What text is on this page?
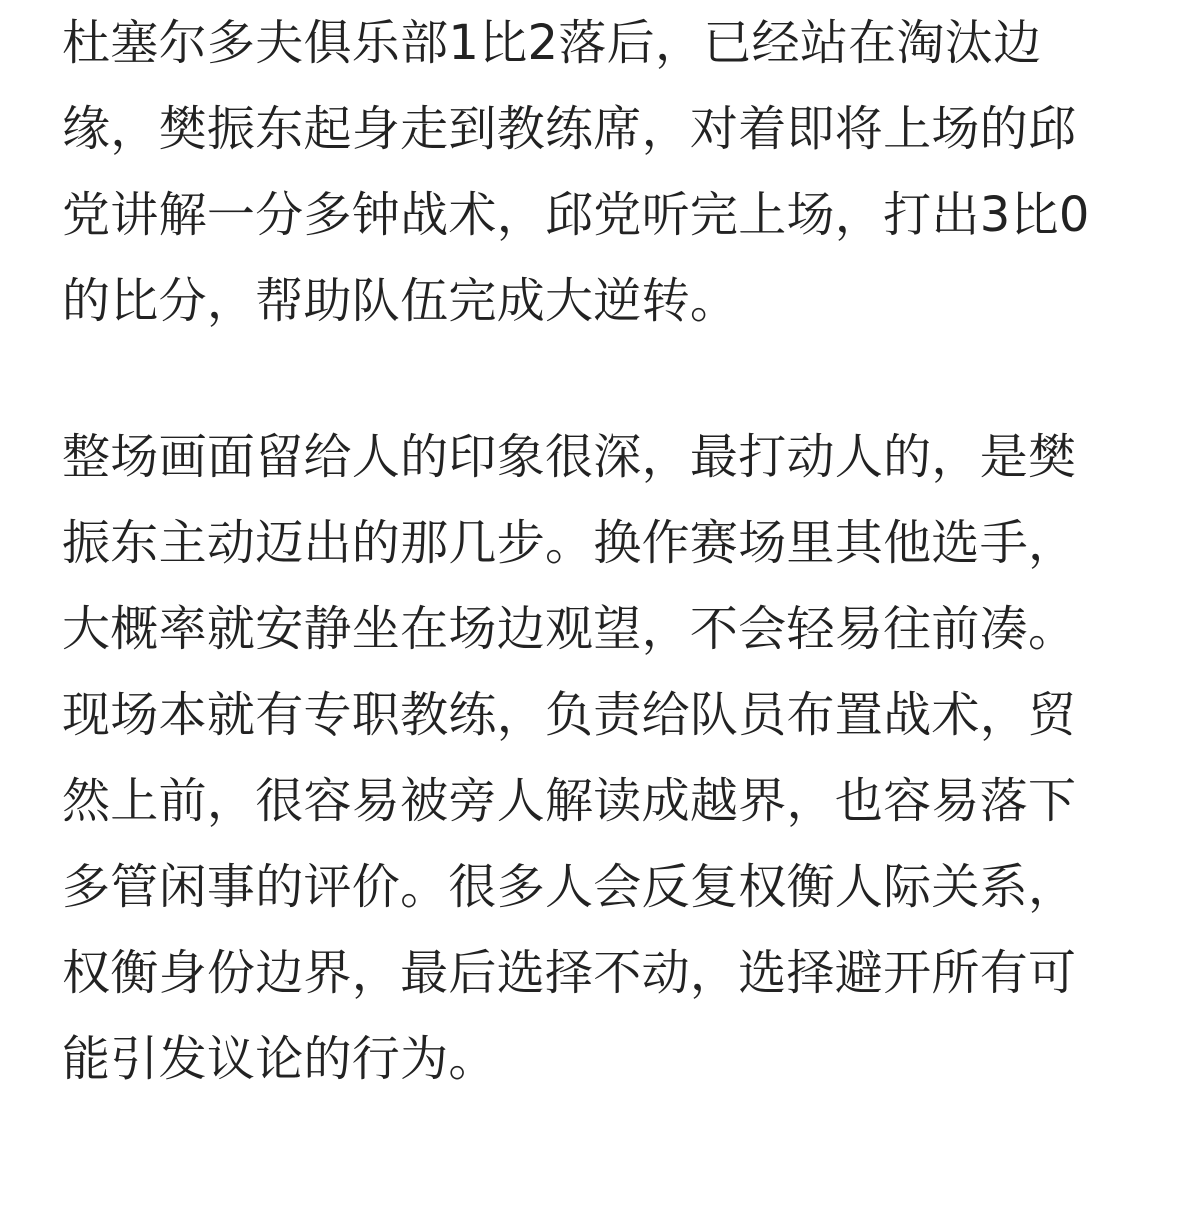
杜塞尔多夫俱乐部1比2落后，已经站在淘汰边缘，樊振东起身走到教练席，对着即将上场的邱党讲解一分多钟战术，邱党听完上场，打出3比0的比分，帮助队伍完成大逆转。

整场画面留给人的印象很深，最打动人的，是樊振东主动迈出的那几步。换作赛场里其他选手，大概率就安静坐在场边观望，不会轻易往前凑。现场本就有专职教练，负责给队员布置战术，贸然上前，很容易被旁人解读成越界，也容易落下多管闲事的评价。很多人会反复权衡人际关系，权衡身份边界，最后选择不动，选择避开所有可能引发议论的行为。
